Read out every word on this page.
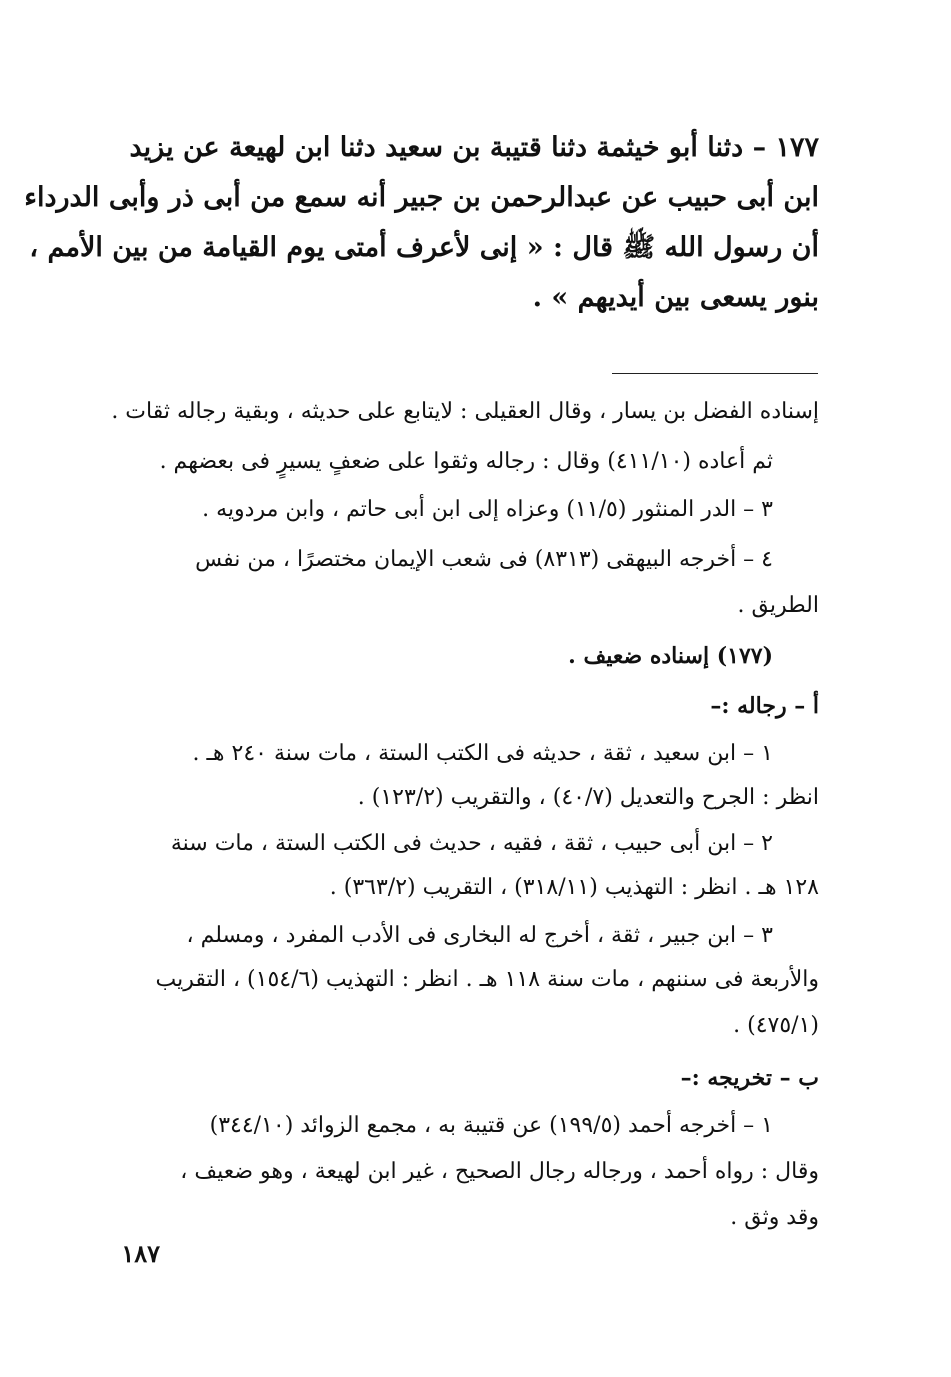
١٧٧ – دثنا أبو خيثمة دثنا قتيبة بن سعيد دثنا ابن لهيعة عن يزيد
ابن أبى حبيب عن عبدالرحمن بن جبير أنه سمع من أبى ذر وأبى الدرداء
أن رسول الله ﷺ قال : « إنى لأعرف أمتى يوم القيامة من بين الأمم ،
بنور يسعى بين أيديهم » .
إسناده الفضل بن يسار ، وقال العقيلى : لايتابع على حديثه ، وبقية رجاله ثقات .
ثم أعاده (٤١١/١٠) وقال : رجاله وثقوا على ضعفٍ يسيرٍ فى بعضهم .
٣ – الدر المنثور (١١/٥) وعزاه إلى ابن أبى حاتم ، وابن مردويه .
٤ – أخرجه البيهقى (٨٣١٣) فى شعب الإيمان مختصرًا ، من نفس
الطريق .
(١٧٧) إسناده ضعيف .
أ – رجاله :–
١ – ابن سعيد ، ثقة ، حديثه فى الكتب الستة ، مات سنة ٢٤٠ هـ .
انظر : الجرح والتعديل (٤٠/٧) ، والتقريب (١٢٣/٢) .
٢ – ابن أبى حبيب ، ثقة ، فقيه ، حديث فى الكتب الستة ، مات سنة
١٢٨ هـ . انظر : التهذيب (٣١٨/١١) ، التقريب (٣٦٣/٢) .
٣ – ابن جبير ، ثقة ، أخرج له البخارى فى الأدب المفرد ، ومسلم ،
والأربعة فى سننهم ، مات سنة ١١٨ هـ . انظر : التهذيب (١٥٤/٦) ، التقريب
(٤٧٥/١) .
ب – تخريجه :–
١ – أخرجه أحمد (١٩٩/٥) عن قتيبة به ، مجمع الزوائد (٣٤٤/١٠)
وقال : رواه أحمد ، ورجاله رجال الصحيح ، غير ابن لهيعة ، وهو ضعيف ،
وقد وثق .
١٨٧
